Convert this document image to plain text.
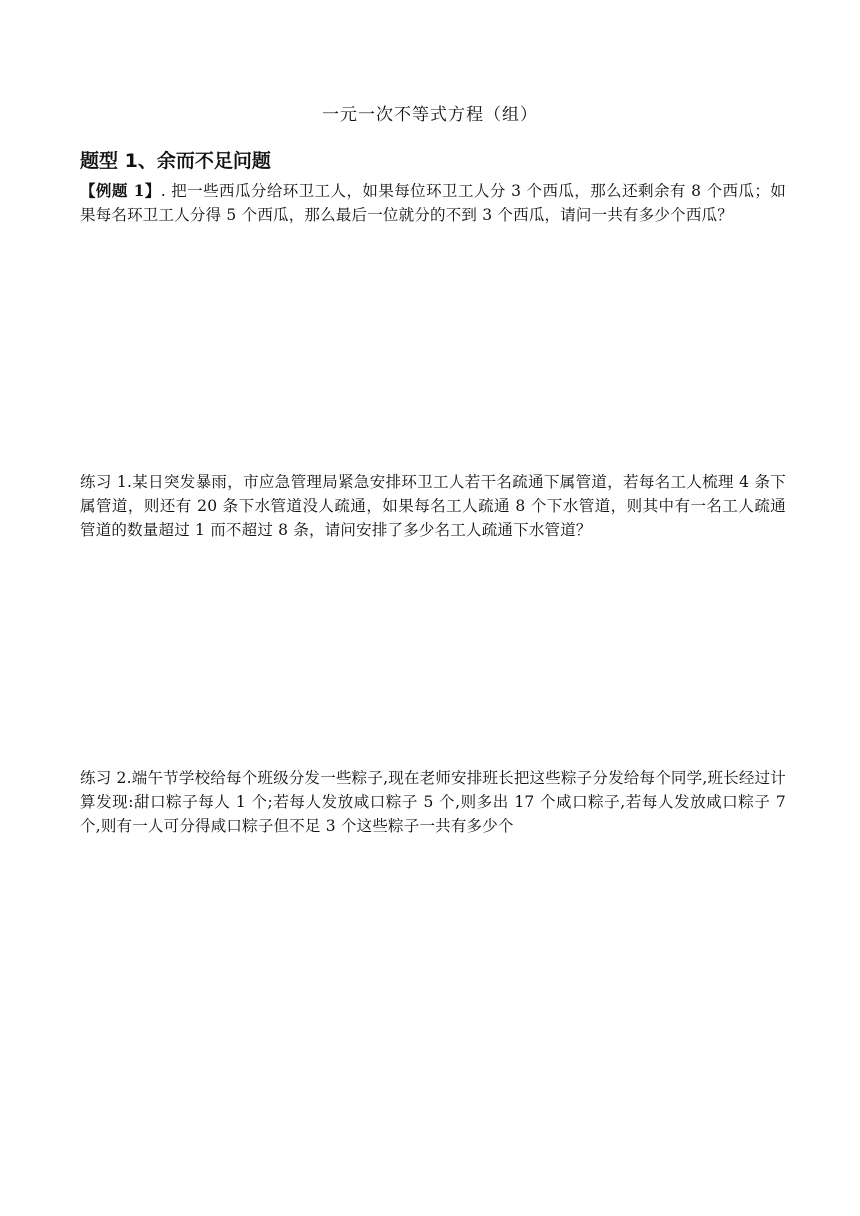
一元一次不等式方程（组）
题型 1、余而不足问题
【例题 1】. 把一些西瓜分给环卫工人，如果每位环卫工人分 3 个西瓜，那么还剩余有 8 个西瓜；如果每名环卫工人分得 5 个西瓜，那么最后一位就分的不到 3 个西瓜，请问一共有多少个西瓜？
练习 1.某日突发暴雨，市应急管理局紧急安排环卫工人若干名疏通下属管道，若每名工人梳理 4 条下属管道，则还有 20 条下水管道没人疏通，如果每名工人疏通 8 个下水管道，则其中有一名工人疏通管道的数量超过 1 而不超过 8 条，请问安排了多少名工人疏通下水管道？
练习 2.端午节学校给每个班级分发一些粽子,现在老师安排班长把这些粽子分发给每个同学,班长经过计算发现:甜口粽子每人 1 个;若每人发放咸口粽子 5 个,则多出 17 个咸口粽子,若每人发放咸口粽子 7 个,则有一人可分得咸口粽子但不足 3 个这些粽子一共有多少个
